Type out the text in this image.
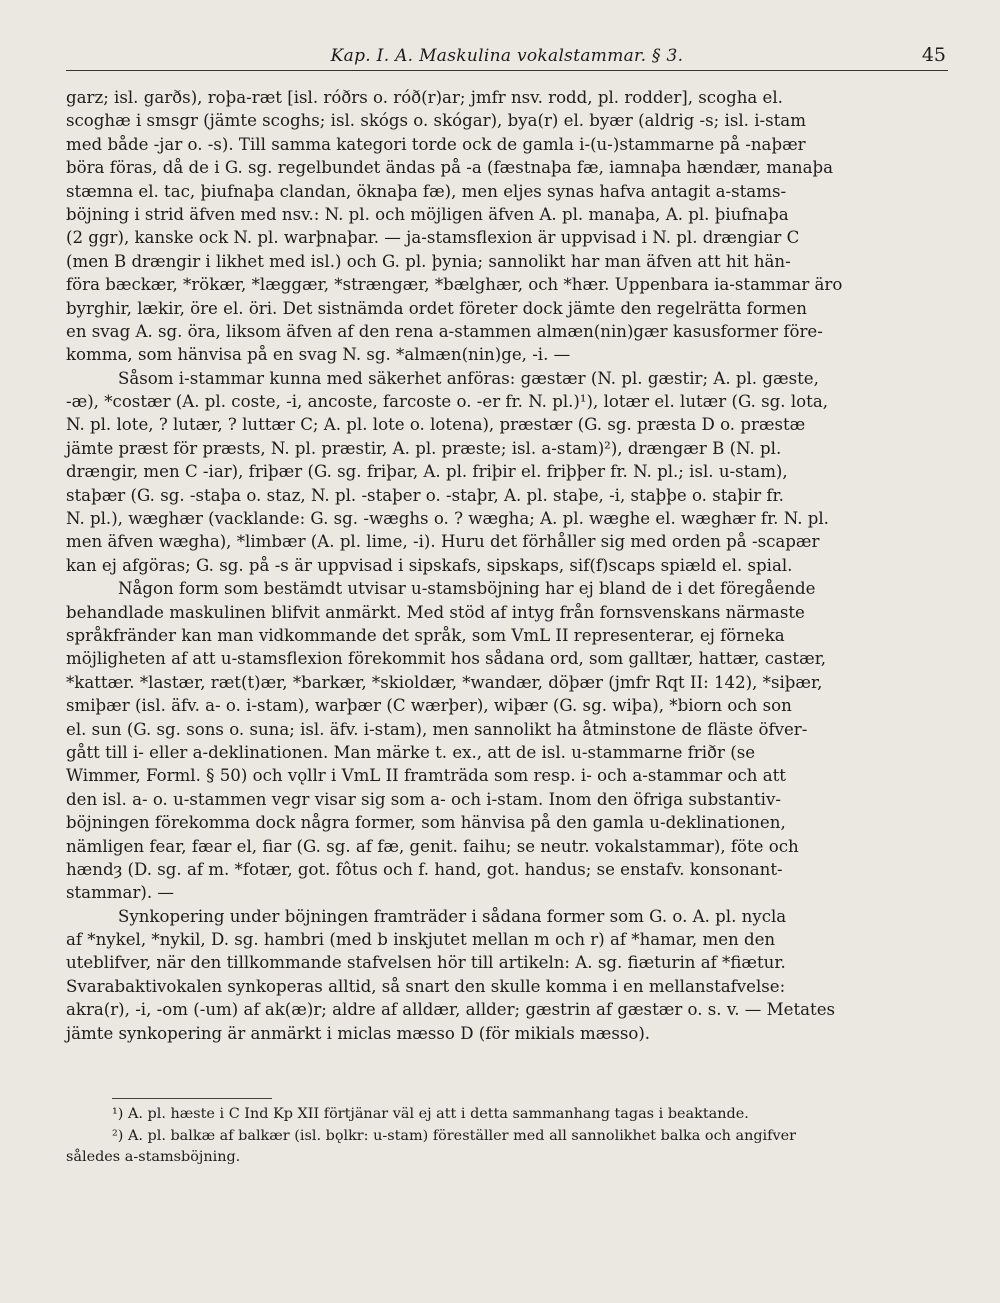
Kap. I. A. Maskulina vokalstammar. § 3.	45
garz; isl. garðs), roþa-ræt [isl. róðrs o. róð(r)ar; jmfr nsv. rodd, pl. rodder], scogha el.
scoghæ i smsgr (jämte scoghs; isl. skógs o. skógar), bya(r) el. byær (aldrig -s; isl. i-stam
med både -jar o. -s). Till samma kategori torde ock de gamla i-(u-)stammarne på -naþær
böra föras, då de i G. sg. regelbundet ändas på -a (fæstnaþa fæ, iamnaþa hændær, manaþa
stæmna el. tac, þiufnaþa clandan, öknaþa fæ), men eljes synas hafva antagit a-stams-
böjning i strid äfven med nsv.: N. pl. och möjligen äfven A. pl. manaþa, A. pl. þiufnaþa
(2 ggr), kanske ock N. pl. warþnaþar. — ja-stamsflexion är uppvisad i N. pl. drængiar C
(men B drængir i likhet med isl.) och G. pl. þynia; sannolikt har man äfven att hit hän-
föra bæckær, *rökær, *læggær, *strængær, *bælghær, och *hær. Uppenbara ia-stammar äro
byrghir, lækir, öre el. öri. Det sistnämda ordet företer dock jämte den regelrätta formen
en svag A. sg. öra, liksom äfven af den rena a-stammen almæn(nin)gær kasusformer före-
komma, som hänvisa på en svag N. sg. *almæn(nin)ge, -i. —
Såsom i-stammar kunna med säkerhet anföras: gæstær (N. pl. gæstir; A. pl. gæste,
-æ), *costær (A. pl. coste, -i, ancoste, farcoste o. -er fr. N. pl.)¹), lotær el. lutær (G. sg. lota,
N. pl. lote, ? lutær, ? luttær C; A. pl. lote o. lotena), præstær (G. sg. præsta D o. præstæ
jämte præst för præsts, N. pl. præstir, A. pl. præste; isl. a-stam)²), drængær B (N. pl.
drængir, men C -iar), friþær (G. sg. friþar, A. pl. friþir el. friþþer fr. N. pl.; isl. u-stam),
staþær (G. sg. -staþa o. staz, N. pl. -staþer o. -staþr, A. pl. staþe, -i, staþþe o. staþir fr.
N. pl.), wæghær (vacklande: G. sg. -wæghs o. ? wægha; A. pl. wæghe el. wæghær fr. N. pl.
men äfven wægha), *limbær (A. pl. lime, -i). Huru det förhåller sig med orden på -scapær
kan ej afgöras; G. sg. på -s är uppvisad i sipskafs, sipskaps, sif(f)scaps spiæld el. spial.
Någon form som bestämdt utvisar u-stamsböjning har ej bland de i det föregående
behandlade maskulinen blifvit anmärkt. Med stöd af intyg från fornsvenskans närmaste
språkfränder kan man vidkommande det språk, som VmL II representerar, ej förneka
möjligheten af att u-stamsflexion förekommit hos sådana ord, som galltær, hattær, castær,
*kattær. *lastær, ræt(t)ær, *barkær, *skioldær, *wandær, döþær (jmfr Rqt II: 142), *siþær,
smiþær (isl. äfv. a- o. i-stam), warþær (C wærþer), wiþær (G. sg. wiþa), *biorn och son
el. sun (G. sg. sons o. suna; isl. äfv. i-stam), men sannolikt ha åtminstone de fläste öfver-
gått till i- eller a-deklinationen. Man märke t. ex., att de isl. u-stammarne friðr (se
Wimmer, Forml. § 50) och vǫllr i VmL II framträda som resp. i- och a-stammar och att
den isl. a- o. u-stammen vegr visar sig som a- och i-stam. Inom den öfriga substantiv-
böjningen förekomma dock några former, som hänvisa på den gamla u-deklinationen,
nämligen fear, fæar el, fiar (G. sg. af fæ, genit. faihu; se neutr. vokalstammar), föte och
hændȝ (D. sg. af m. *fotær, got. fôtus och f. hand, got. handus; se enstafv. konsonant-
stammar). —
Synkopering under böjningen framträder i sådana former som G. o. A. pl. nycla
af *nykel, *nykil, D. sg. hambri (med b inskjutet mellan m och r) af *hamar, men den
uteblifver, när den tillkommande stafvelsen hör till artikeln: A. sg. fiæturin af *fiætur.
Svarabaktivokalen synkoperas alltid, så snart den skulle komma i en mellanstafvelse:
akra(r), -i, -om (-um) af ak(æ)r; aldre af alldær, allder; gæstrin af gæstær o. s. v. — Metates
jämte synkopering är anmärkt i miclas mæsso D (för mikials mæsso).
¹) A. pl. hæste i C Ind Kp XII förtjänar väl ej att i detta sammanhang tagas i beaktande.
²) A. pl. balkæ af balkær (isl. bǫlkr: u-stam) föreställer med all sannolikhet balka och angifver
således a-stamsböjning.
